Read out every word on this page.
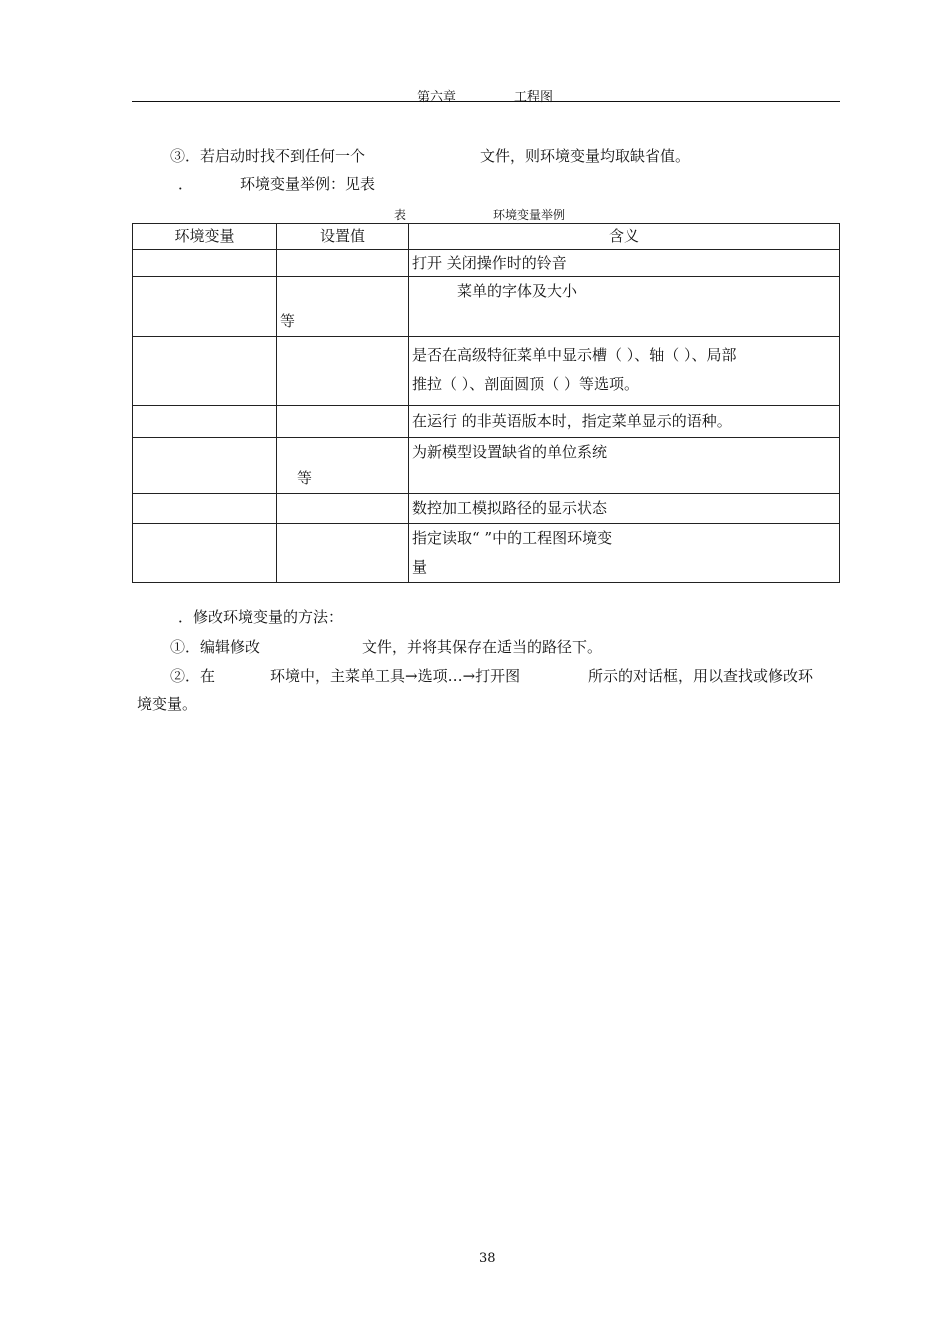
第六章	工程图
③．若启动时找不到任何一个	文件，则环境变量均取缺省值。
．	环境变量举例：见表
表	环境变量举例
环境变量	设置值	含义
		打开 关闭操作时的铃音
	等	菜单的字体及大小

		是否在高级特征菜单中显示槽（ ）、轴（ ）、局部
推拉（ ）、剖面圆顶（ ）等选项。

		在运行 的非英语版本时，指定菜单显示的语种。
	等	为新模型设置缺省的单位系统
		数控加工模拟路径的显示状态

		指定读取“ ”中的工程图环境变
量
．修改环境变量的方法：
①．编辑修改	文件，并将其保存在适当的路径下。
②．在	环境中，主菜单工具→选项…→打开图	所示的对话框，用以查找或修改环
境变量。
38
